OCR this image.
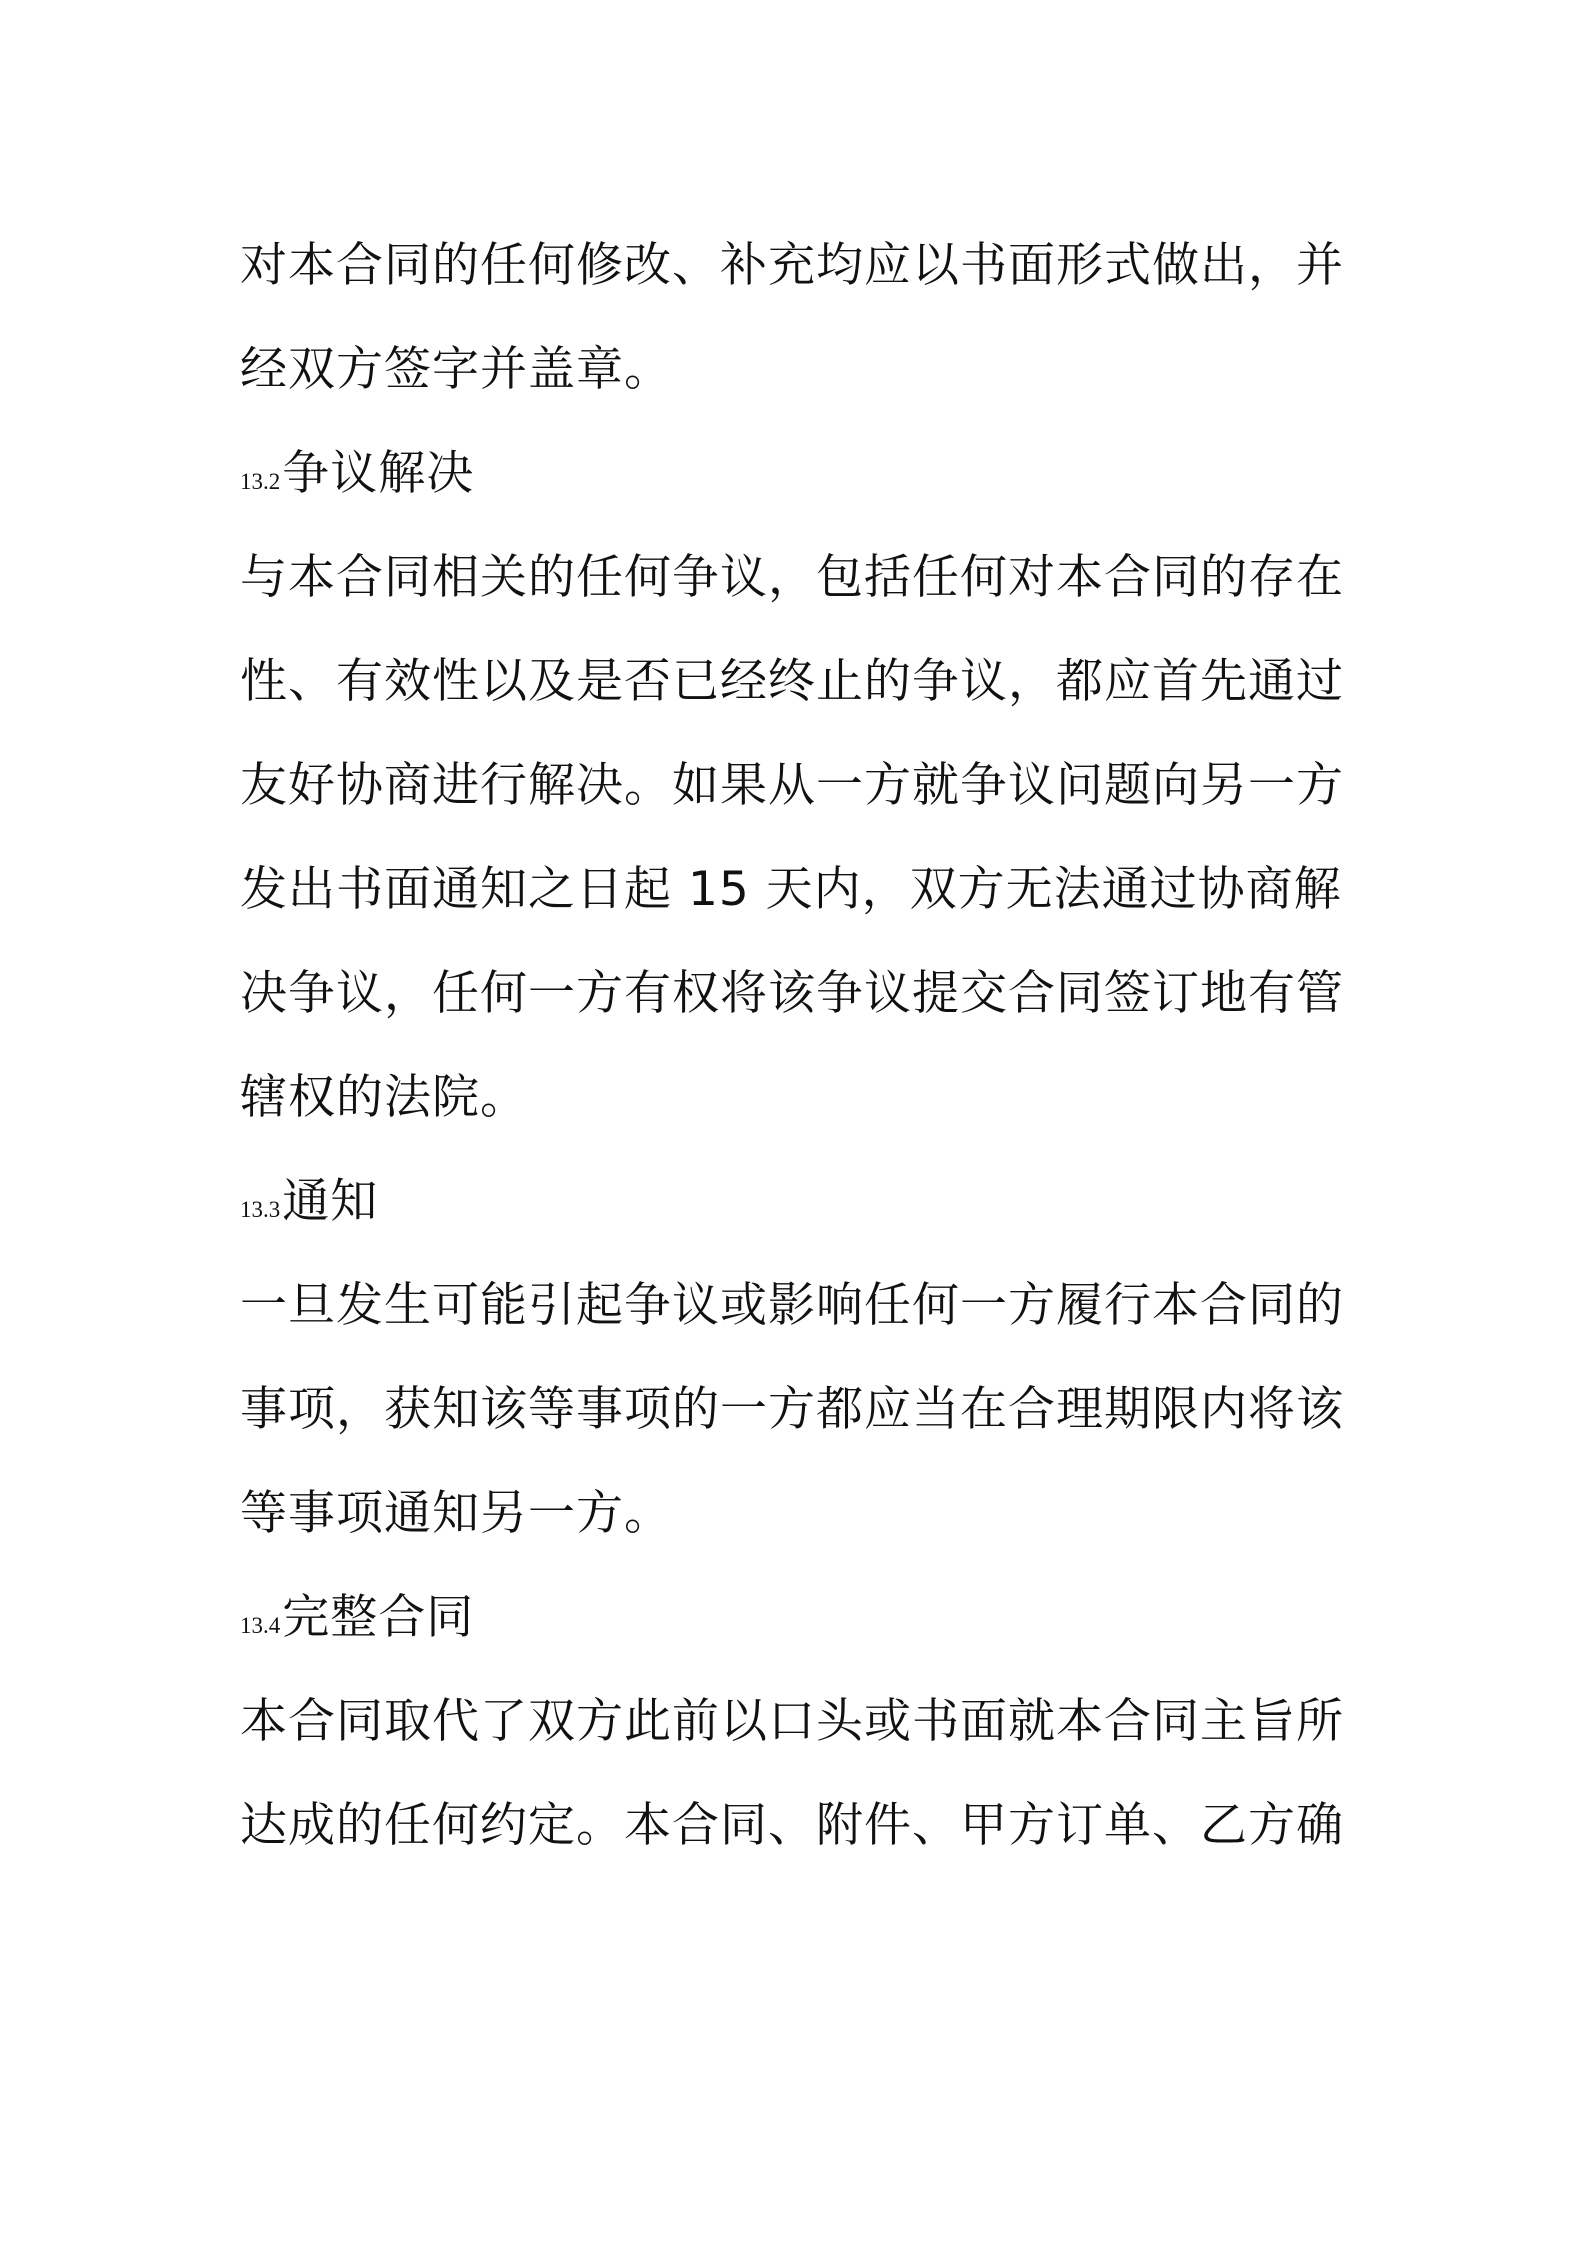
对本合同的任何修改、补充均应以书面形式做出，并
经双方签字并盖章。

13.2争议解决

与本合同相关的任何争议，包括任何对本合同的存在
性、有效性以及是否已经终止的争议，都应首先通过
友好协商进行解决。如果从一方就争议问题向另一方
发出书面通知之日起 15 天内，双方无法通过协商解
决争议，任何一方有权将该争议提交合同签订地有管
辖权的法院。

13.3通知

一旦发生可能引起争议或影响任何一方履行本合同的
事项，获知该等事项的一方都应当在合理期限内将该
等事项通知另一方。

13.4完整合同

本合同取代了双方此前以口头或书面就本合同主旨所
达成的任何约定。本合同、附件、甲方订单、乙方确
